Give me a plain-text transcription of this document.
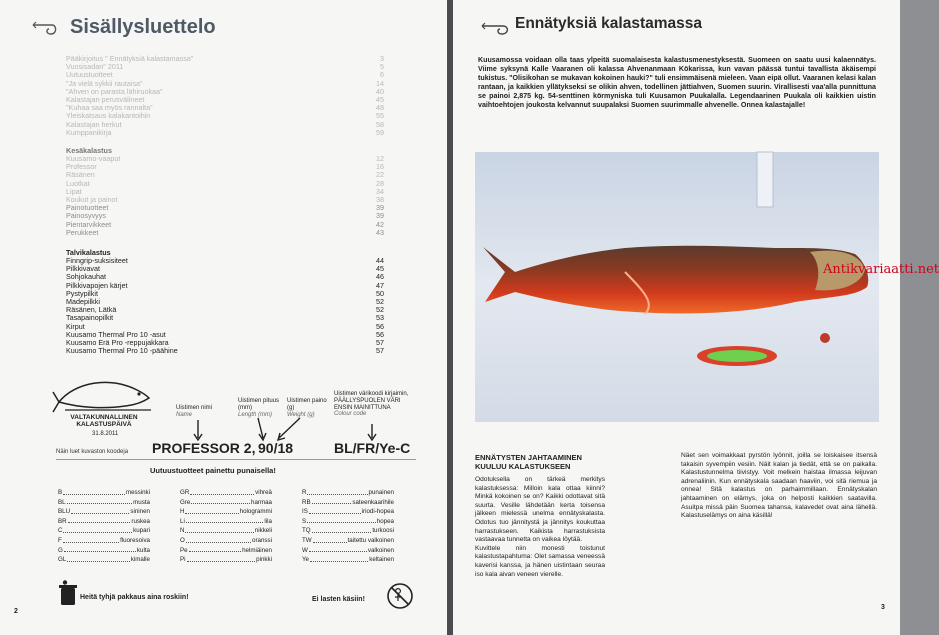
Sisällysluettelo
Pääkirjoitus " Ennätyksiä kalastamassa"	3
Vuosisadan" 2011	5
Uutuustuotteet	6
"Ja vielä sykkii rautaisa"	14
"Ahven on parasta lähiruokaa"	40
Kalastajan perusvälineet	45
"Kuhaa saa myös rannalta"	48
Yleiskatsaus kalakantoihin	55
Kalastajan herkut	58
Kumppanikirja	59
Kesäkalastus
Kuusamo-vaaput	12
Professor	16
Räsänen	22
Luotkat	28
Lipat	34
Koukut ja painot	38
Painotuotteet	39
Painosyvyys	39
Pientarvikkeet	42
Perukkeet	43
Talvikalastus
Finngrip-suksisiteet	44
Pilkkivavat	45
Sohjokauhat	46
Pilkkivapojen kärjet	47
Pystypilkit	50
Madepilkki	52
Räsänen, Lätkä	52
Tasapainopilkit	53
Kirput	56
Kuusamo Thermal Pro 10 -asut	56
Kuusamo Erä Pro -reppujakkara	57
Kuusamo Thermal Pro 10 -päähine	57
VALTAKUNNALLINEN KALASTUSPÄIVÄ
31.8.2011
Näin luet kuvaston koodeja
Uistimen nimi
Name
Uistimen pituus (mm)
Length (mm)
Uistimen paino (g)
Weight (g)
Uistimen värikoodi kirjaimin, PÄÄLLYSPUOLEN VÄRI ENSIN MAINITTUNA
Colour code
PROFESSOR 2, 90/18	BL/FR/Ye-C
Uutuustuotteet painettu punaisella!
B	messinki
BL	musta
BLU	sininen
BR	ruskea
C	kupari
F	fluoresoiva
G	kulta
GL	kimalle
GR	vihreä
Gre	harmaa
H	hologrammi
Li	lila
N	nikkeli
O	oranssi
Pe	helmiäinen
Pi	pinkki
R	punainen
RB	sateenkaarihile
IS	iriodi-hopea
S	hopea
TQ	turkoosi
TW	taitettu valkoinen
W	valkoinen
Ye	keltainen
Heitä tyhjä pakkaus aina roskiin!	Ei lasten käsiin!
2
Ennätyksiä kalastamassa
Kuusamossa voidaan olla taas ylpeitä suomalaisesta kalastusmenestyksestä. Suomeen on saatu uusi kalaennätys. Viime syksynä Kalle Vaaranen oli kalassa Ahvenanmaan Kökarissa, kun vavan päässä tuntui tavallista äkäisempi tukistus. "Olisikohan se mukavan kokoinen hauki?" tuli ensimmäisenä mieleen. Vaan eipä ollut. Vaaranen kelasi kalan rantaan, ja kaikkien yllätykseksi se olikin ahven, todellinen jättiahven, Suomen suurin. Virallisesti vaa'alla punnittuna se painoi 2,875 kg. 54-senttinen körmyniska tuli Kuusamon Puukalalla. Legendaarinen Puukala oli kaikkien uistin vaihtoehtojen joukosta kelvannut suupalaksi Suomen suurimmalle ahvenelle. Onnea kalastajalle!
Antikvariaatti.net
ENNÄTYSTEN JAHTAAMINEN KUULUU KALASTUKSEEN
Odotuksella on tärkeä merkitys kalastuksessa: Milloin kala ottaa kiinni? Minkä kokoinen se on? Kaikki odottavat sitä suurta. Vesille lähdetään kerta toisensa jälkeen mielessä unelma ennätyskalasta. Odotus tuo jännitystä ja jännitys koukuttaa harrastukseen. Kaikista harrastuksista vastaavaa tunnetta on vaikea löytää.
Kuvittele niin monesti toistunut kalastustapahtuma: Olet samassa veneessä kaverisi kanssa, ja hänen uistintaan seuraa iso kala aivan veneen vierelle.
Näet sen voimakkaat pyrstön lyönnit, joilla se loiskaisee itsensä takaisin syvempiin vesiin. Näit kalan ja tiedät, että se on paikalla. Kalastustunnelma tiivistyy. Voit melkein haistaa ilmassa leijuvan adrenaliinin. Kun ennätyskala saadaan haaviin, voi sitä riemua ja onnea! Sitä kalastus on parhaimmillaan. Ennätyskalan jahtaaminen on elämys, joka on helposti kaikkien saatavilla. Asuitpa missä päin Suomea tahansa, kalavedet ovat aina lähellä. Kalastuselämys on aina käsillä!
3
